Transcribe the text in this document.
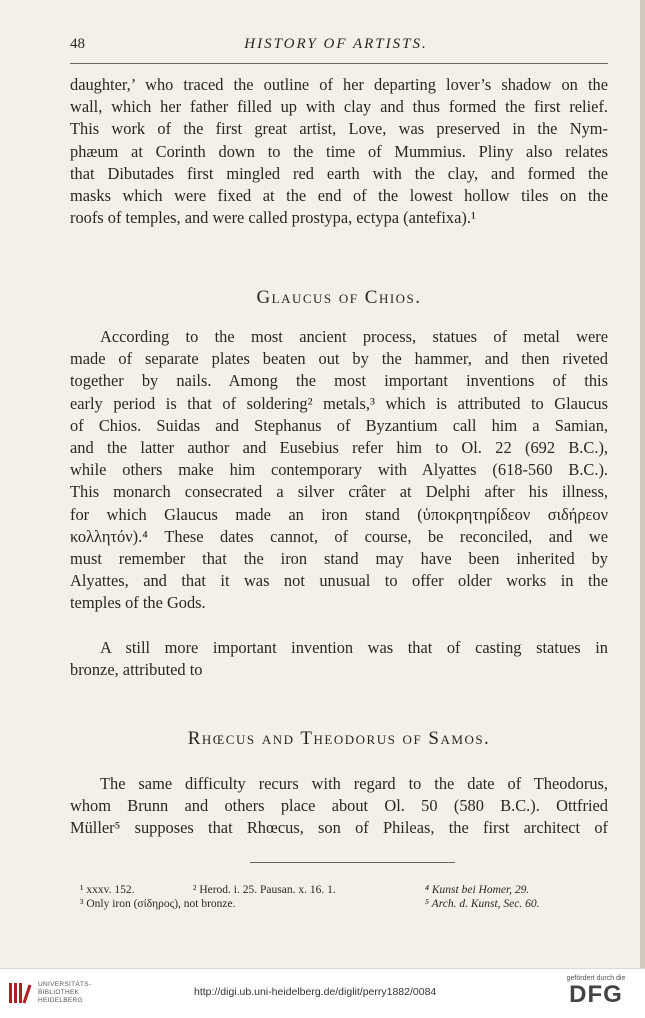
48	HISTORY OF ARTISTS.
daughter,’ who traced the outline of her departing lover’s shadow on the
wall, which her father filled up with clay and thus formed the first relief.
This work of the first great artist, Love, was preserved in the Nym-
phæum at Corinth down to the time of Mummius. Pliny also relates
that Dibutades first mingled red earth with the clay, and formed the
masks which were fixed at the end of the lowest hollow tiles on the
roofs of temples, and were called prostypa, ectypa (antefixa).¹
Glaucus of Chios.
According to the most ancient process, statues of metal were
made of separate plates beaten out by the hammer, and then riveted
together by nails. Among the most important inventions of this
early period is that of soldering² metals,³ which is attributed to Glaucus
of Chios. Suidas and Stephanus of Byzantium call him a Samian,
and the latter author and Eusebius refer him to Ol. 22 (692 B.C.),
while others make him contemporary with Alyattes (618-560 B.C.).
This monarch consecrated a silver crâter at Delphi after his illness,
for which Glaucus made an iron stand (ὑποκρητηρίδεον σιδήρεον
κολλητόν).⁴ These dates cannot, of course, be reconciled, and we
must remember that the iron stand may have been inherited by
Alyattes, and that it was not unusual to offer older works in the
temples of the Gods.
A still more important invention was that of casting statues in
bronze, attributed to
Rhœcus and Theodorus of Samos.
The same difficulty recurs with regard to the date of Theodorus,
whom Brunn and others place about Ol. 50 (580 B.C.). Ottfried
Müller⁵ supposes that Rhœcus, son of Phileas, the first architect of
¹ xxxv. 152.	² Herod. i. 25. Pausan. x. 16. 1.
³ Only iron (σίδηρος), not bronze.
⁴ Kunst bei Homer, 29.
⁵ Arch. d. Kunst, Sec. 60.
UNIVERSITÄTS-
BIBLIOTHEK
HEIDELBERG
http://digi.ub.uni-heidelberg.de/diglit/perry1882/0084
gefördert durch die
DFG
